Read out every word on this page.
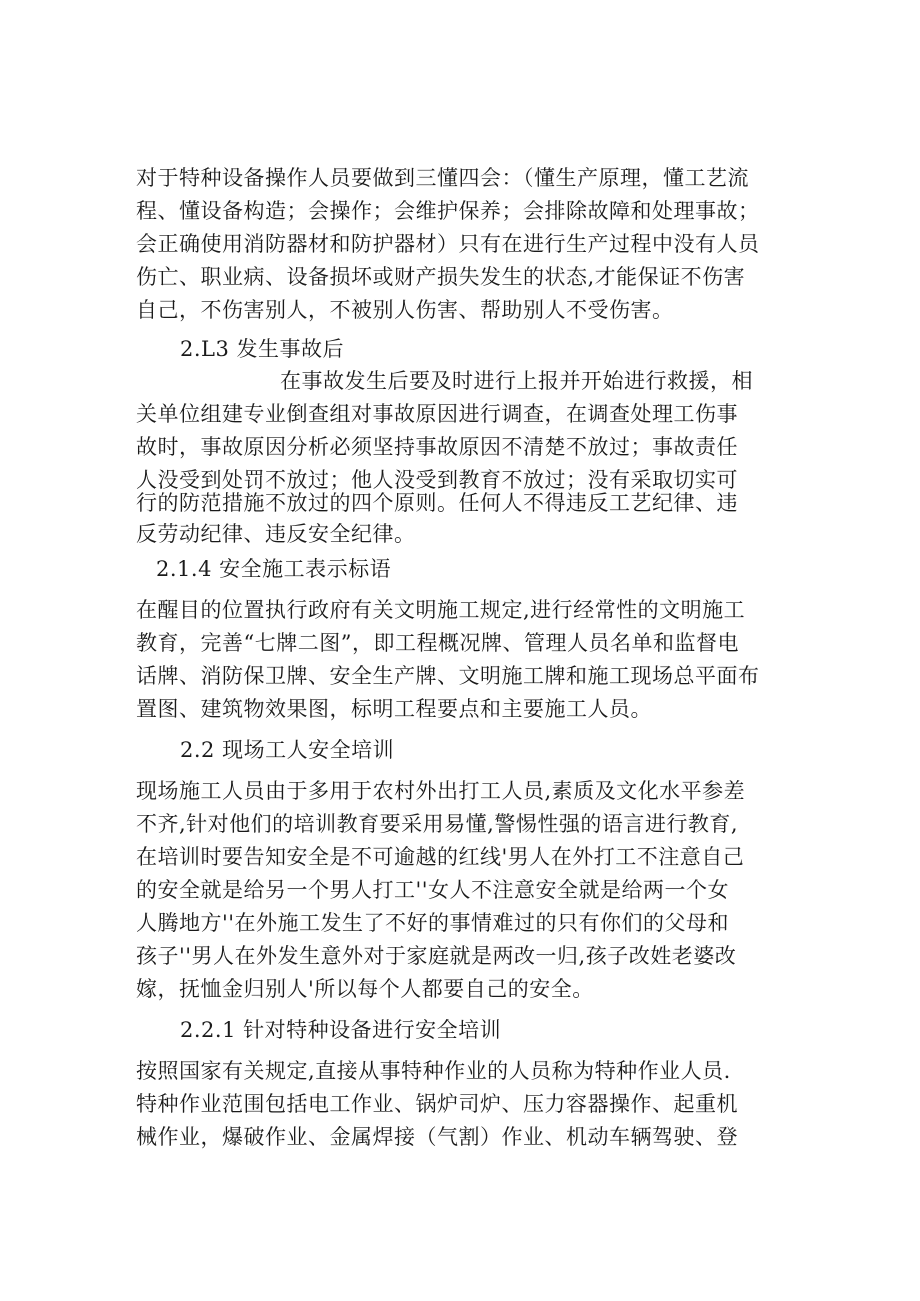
对于特种设备操作人员要做到三懂四会：（懂生产原理，懂工艺流
程、懂设备构造；会操作；会维护保养；会排除故障和处理事故；
会正确使用消防器材和防护器材）只有在进行生产过程中没有人员
伤亡、职业病、设备损坏或财产损失发生的状态,才能保证不伤害
自己，不伤害别人，不被别人伤害、帮助别人不受伤害。
2.L3 发生事故后
在事故发生后要及时进行上报并开始进行救援，相
关单位组建专业倒查组对事故原因进行调查，在调查处理工伤事
故时，事故原因分析必须坚持事故原因不清楚不放过；事故责任
人没受到处罚不放过；他人没受到教育不放过；没有采取切实可
行的防范措施不放过的四个原则。任何人不得违反工艺纪律、违
反劳动纪律、违反安全纪律。
2.1.4 安全施工表示标语
在醒目的位置执行政府有关文明施工规定,进行经常性的文明施工
教育，完善“七牌二图”，即工程概况牌、管理人员名单和监督电
话牌、消防保卫牌、安全生产牌、文明施工牌和施工现场总平面布
置图、建筑物效果图，标明工程要点和主要施工人员。
2.2 现场工人安全培训
现场施工人员由于多用于农村外出打工人员,素质及文化水平参差
不齐,针对他们的培训教育要采用易懂,警惕性强的语言进行教育,
在培训时要告知安全是不可逾越的红线'男人在外打工不注意自己
的安全就是给另一个男人打工''女人不注意安全就是给两一个女
人腾地方''在外施工发生了不好的事情难过的只有你们的父母和
孩子''男人在外发生意外对于家庭就是两改一归,孩子改姓老婆改
嫁，抚恤金归别人'所以每个人都要自己的安全。
2.2.1 针对特种设备进行安全培训
按照国家有关规定,直接从事特种作业的人员称为特种作业人员.
特种作业范围包括电工作业、锅炉司炉、压力容器操作、起重机
械作业，爆破作业、金属焊接（气割）作业、机动车辆驾驶、登
